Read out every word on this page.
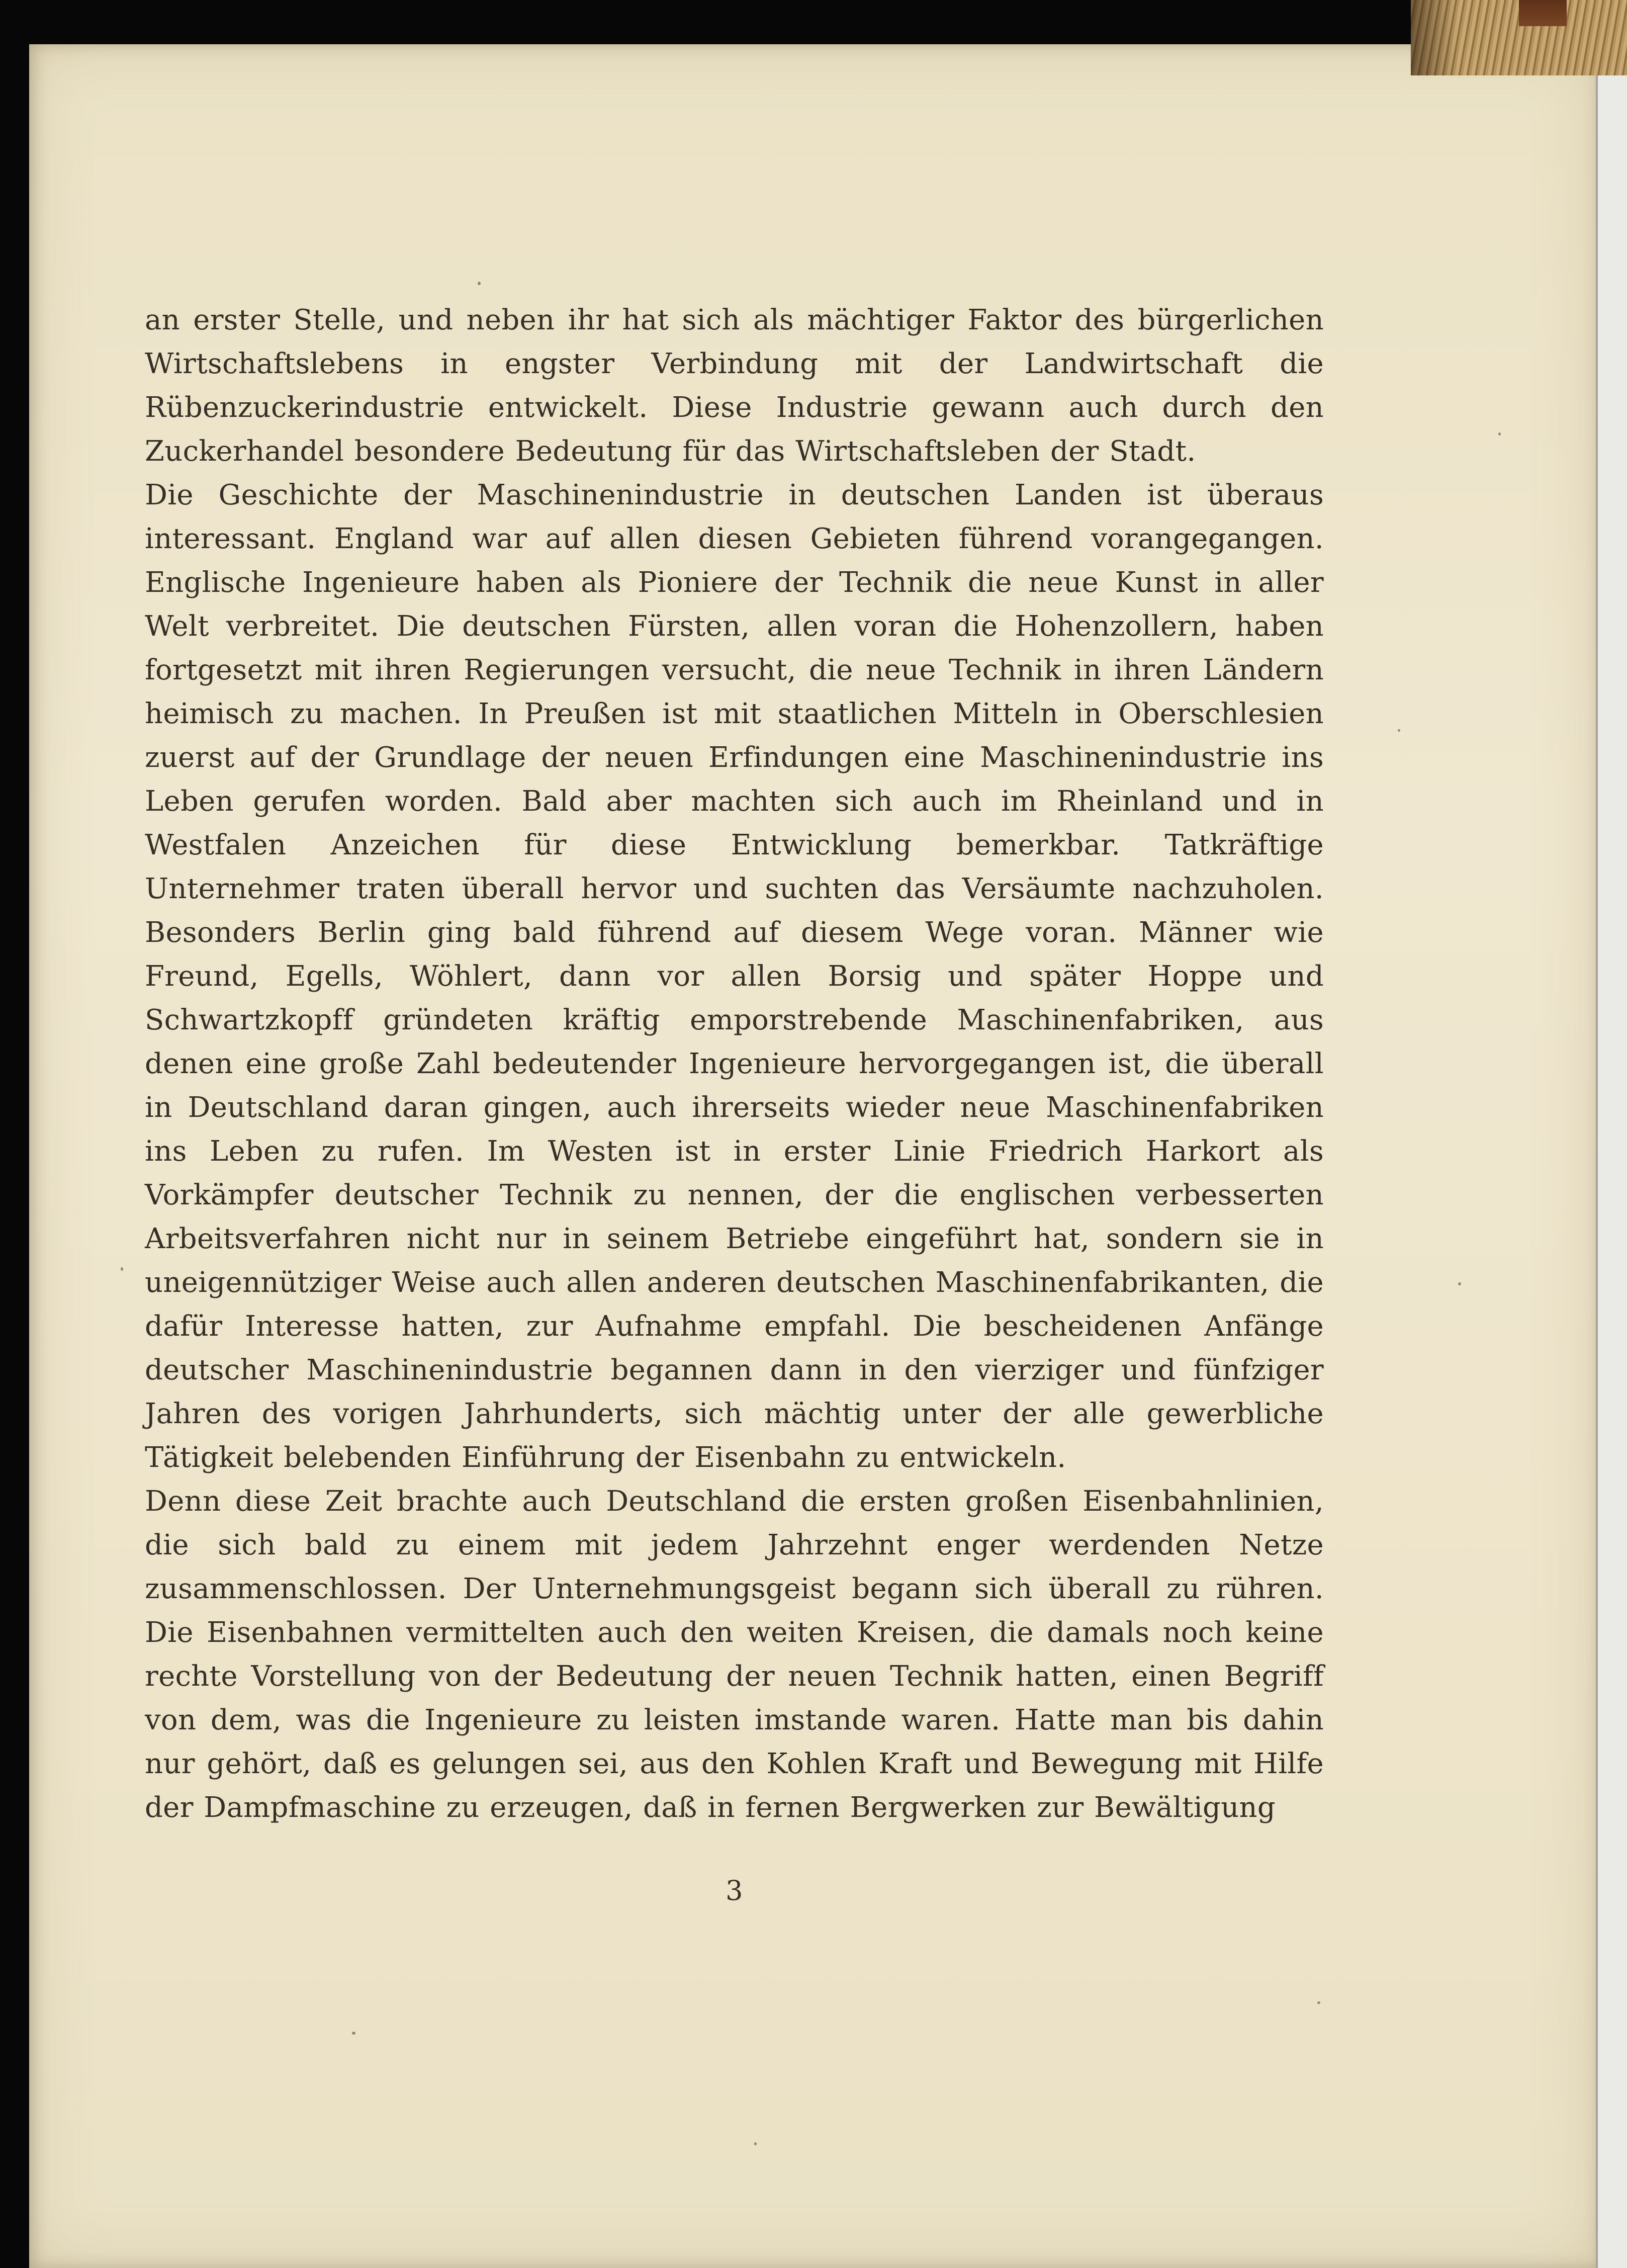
an erster Stelle, und neben ihr hat sich als mächtiger Faktor des bürgerlichen Wirtschaftslebens in engster Verbindung mit der Landwirtschaft die Rübenzuckerindustrie entwickelt. Diese Industrie gewann auch durch den Zuckerhandel besondere Bedeutung für das Wirtschaftsleben der Stadt.

Die Geschichte der Maschinenindustrie in deutschen Landen ist überaus interessant. England war auf allen diesen Gebieten führend vorangegangen. Englische Ingenieure haben als Pioniere der Technik die neue Kunst in aller Welt verbreitet. Die deutschen Fürsten, allen voran die Hohenzollern, haben fortgesetzt mit ihren Regierungen versucht, die neue Technik in ihren Ländern heimisch zu machen. In Preußen ist mit staatlichen Mitteln in Oberschlesien zuerst auf der Grundlage der neuen Erfindungen eine Maschinenindustrie ins Leben gerufen worden. Bald aber machten sich auch im Rheinland und in Westfalen Anzeichen für diese Entwicklung bemerkbar. Tatkräftige Unternehmer traten überall hervor und suchten das Versäumte nachzuholen. Besonders Berlin ging bald führend auf diesem Wege voran. Männer wie Freund, Egells, Wöhlert, dann vor allen Borsig und später Hoppe und Schwartzkopff gründeten kräftig emporstrebende Maschinenfabriken, aus denen eine große Zahl bedeutender Ingenieure hervorgegangen ist, die überall in Deutschland daran gingen, auch ihrerseits wieder neue Maschinenfabriken ins Leben zu rufen. Im Westen ist in erster Linie Friedrich Harkort als Vorkämpfer deutscher Technik zu nennen, der die englischen verbesserten Arbeitsverfahren nicht nur in seinem Betriebe eingeführt hat, sondern sie in uneigennütziger Weise auch allen anderen deutschen Maschinenfabrikanten, die dafür Interesse hatten, zur Aufnahme empfahl. Die bescheidenen Anfänge deutscher Maschinenindustrie begannen dann in den vierziger und fünfziger Jahren des vorigen Jahrhunderts, sich mächtig unter der alle gewerbliche Tätigkeit belebenden Einführung der Eisenbahn zu entwickeln.

Denn diese Zeit brachte auch Deutschland die ersten großen Eisenbahnlinien, die sich bald zu einem mit jedem Jahrzehnt enger werdenden Netze zusammenschlossen. Der Unternehmungsgeist begann sich überall zu rühren. Die Eisenbahnen vermittelten auch den weiten Kreisen, die damals noch keine rechte Vorstellung von der Bedeutung der neuen Technik hatten, einen Begriff von dem, was die Ingenieure zu leisten imstande waren. Hatte man bis dahin nur gehört, daß es gelungen sei, aus den Kohlen Kraft und Bewegung mit Hilfe der Dampfmaschine zu erzeugen, daß in fernen Bergwerken zur Bewältigung

3
